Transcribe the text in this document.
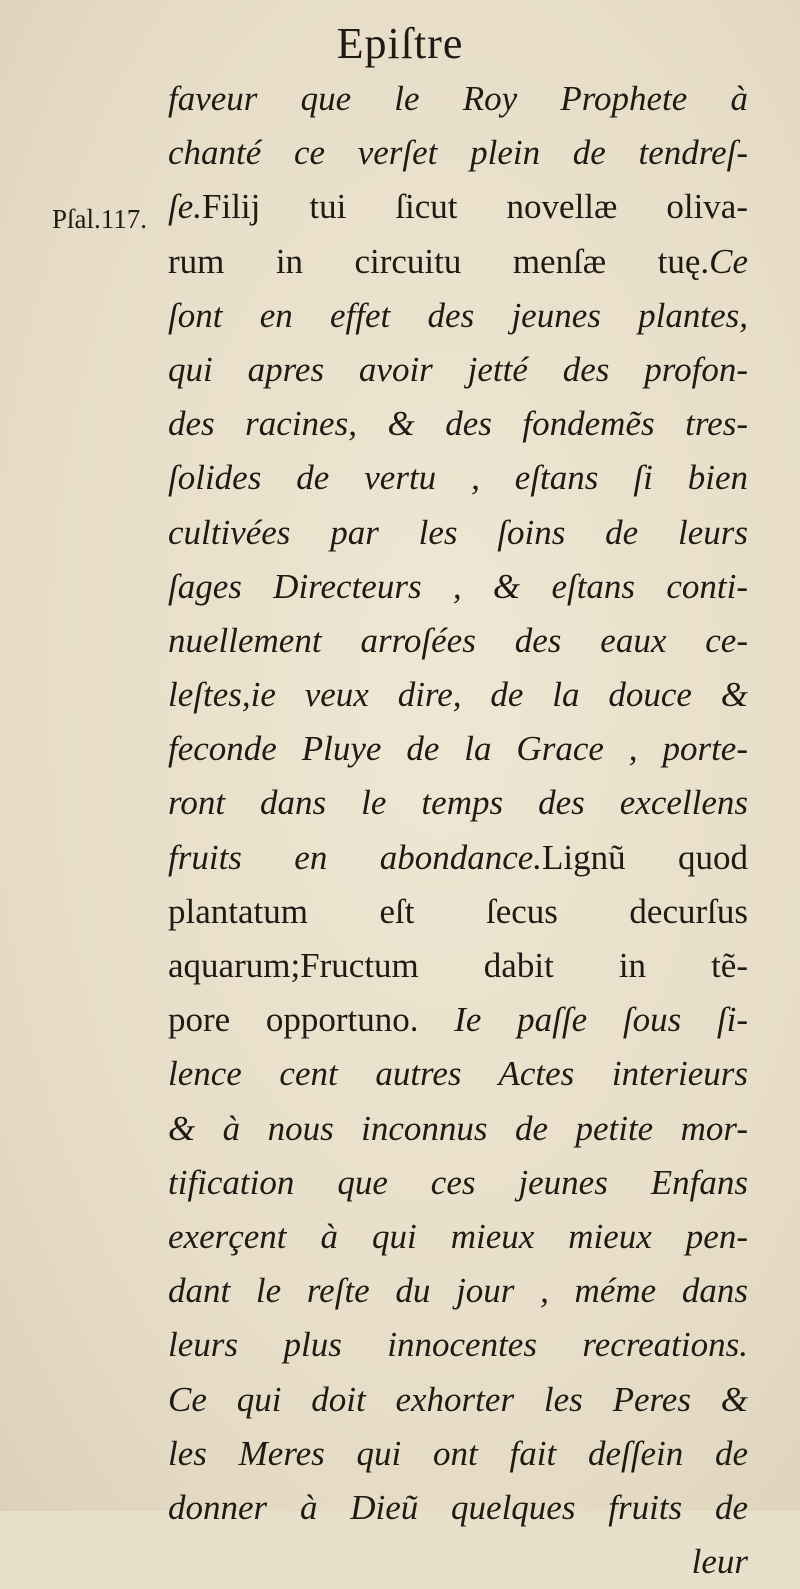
Epiſtre
Pſal.117.
faveur que le Roy Prophete à
chanté ce verſet plein de tendreſ-
ſe.Filij tui ſicut novellæ oliva-
rum in circuitu menſæ tuę.Ce
ſont en effet des jeunes plantes,
qui apres avoir jetté des profon-
des racines, & des fondemẽs tres-
ſolides de vertu , eſtans ſi bien
cultivées par les ſoins de leurs
ſages Directeurs , & eſtans conti-
nuellement arroſées des eaux ce-
leſtes,ie veux dire, de la douce &
feconde Pluye de la Grace , porte-
ront dans le temps des excellens
fruits en abondance.Lignũ quod
plantatum eſt ſecus decurſus
aquarum;Fructum dabit in tẽ-
pore opportuno. Ie paſſe ſous ſi-
lence cent autres Actes interieurs
& à nous inconnus de petite mor-
tification que ces jeunes Enfans
exerçent à qui mieux mieux pen-
dant le reſte du jour , méme dans
leurs plus innocentes recreations.
Ce qui doit exhorter les Peres &
les Meres qui ont fait deſſein de
donner à Dieũ quelques fruits de
leur
